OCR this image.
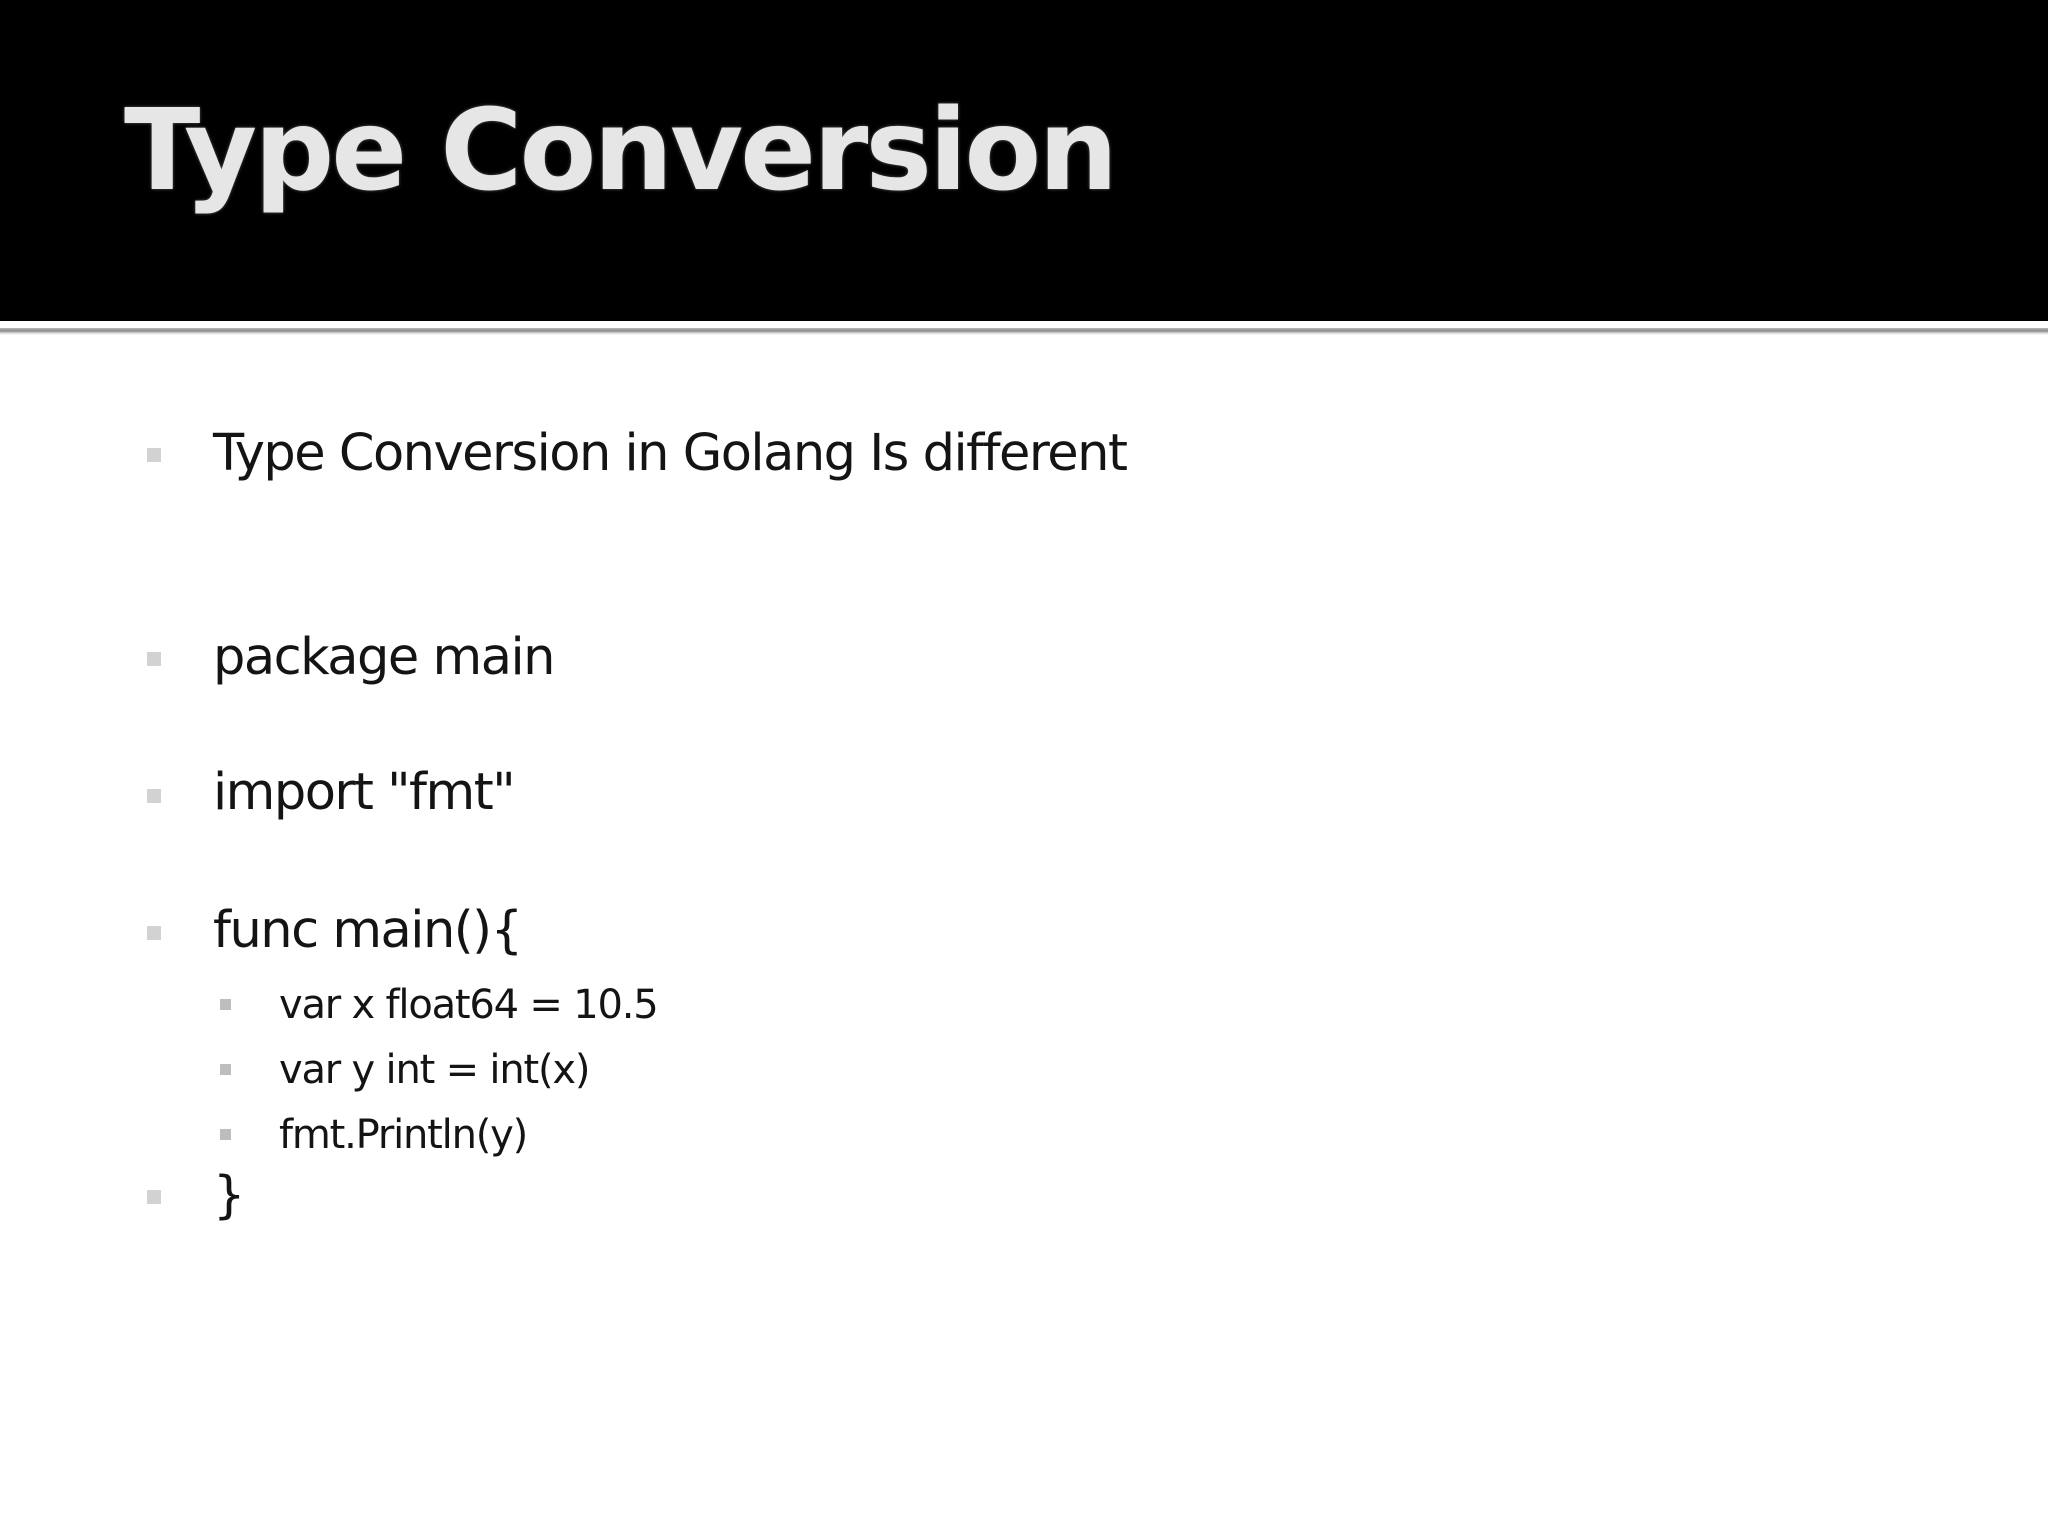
Type Conversion
Type Conversion in Golang Is different
package main
import "fmt"
func main(){
var x float64 = 10.5
var y int = int(x)
fmt.Println(y)
}
